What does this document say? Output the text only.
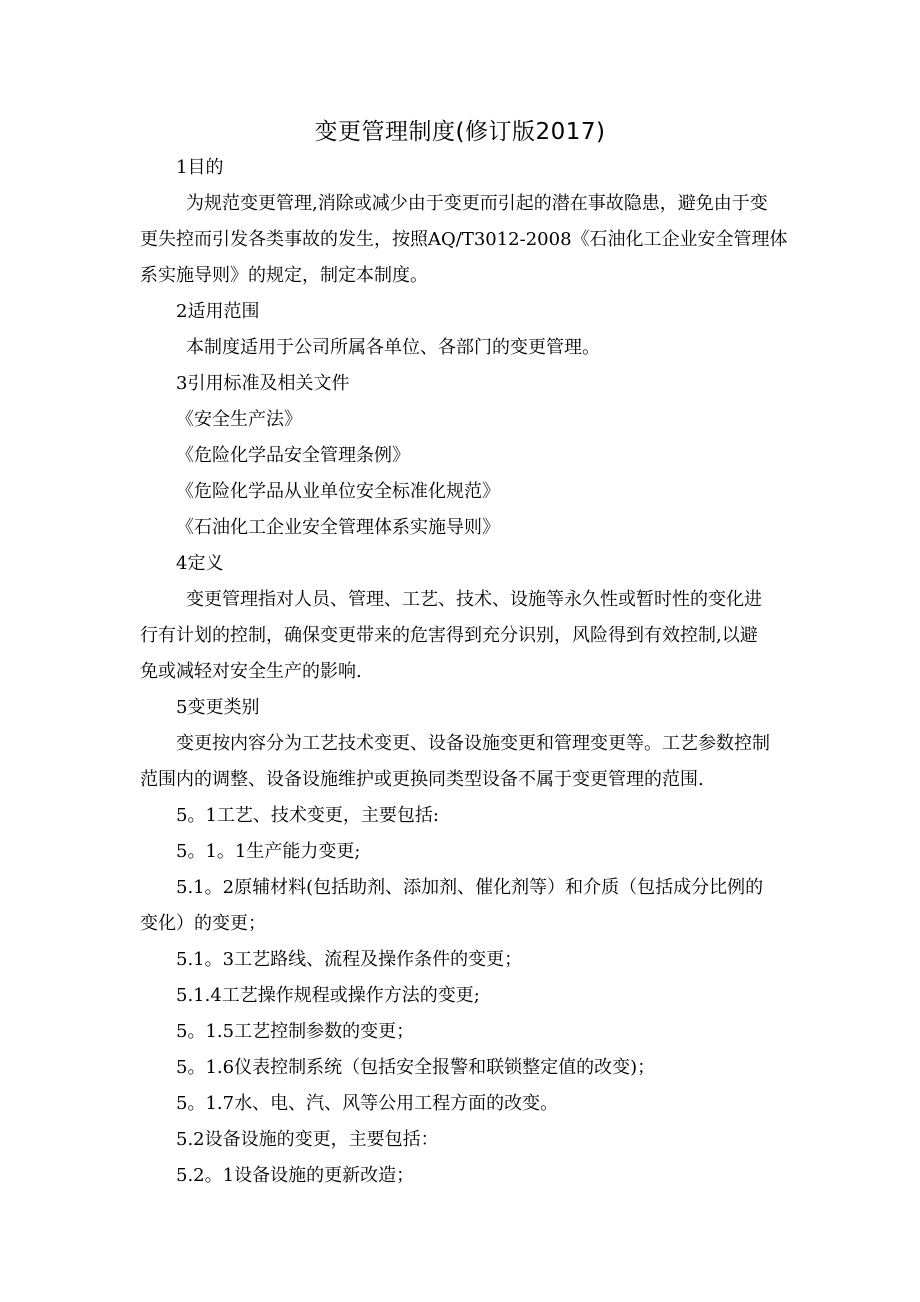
变更管理制度(修订版2017)
1目的
为规范变更管理,消除或减少由于变更而引起的潜在事故隐患，避免由于变
更失控而引发各类事故的发生，按照AQ/T3012-2008《石油化工企业安全管理体
系实施导则》的规定，制定本制度。
2适用范围
本制度适用于公司所属各单位、各部门的变更管理。
3引用标准及相关文件
《安全生产法》
《危险化学品安全管理条例》
《危险化学品从业单位安全标准化规范》
《石油化工企业安全管理体系实施导则》
4定义
变更管理指对人员、管理、工艺、技术、设施等永久性或暂时性的变化进
行有计划的控制，确保变更带来的危害得到充分识别，风险得到有效控制,以避
免或减轻对安全生产的影响.
5变更类别
变更按内容分为工艺技术变更、设备设施变更和管理变更等。工艺参数控制
范围内的调整、设备设施维护或更换同类型设备不属于变更管理的范围.
5。1工艺、技术变更，主要包括:
5。1。1生产能力变更;
5.1。2原辅材料(包括助剂、添加剂、催化剂等）和介质（包括成分比例的
变化）的变更；
5.1。3工艺路线、流程及操作条件的变更；
5.1.4工艺操作规程或操作方法的变更;
5。1.5工艺控制参数的变更；
5。1.6仪表控制系统（包括安全报警和联锁整定值的改变)；
5。1.7水、电、汽、风等公用工程方面的改变。
5.2设备设施的变更，主要包括：
5.2。1设备设施的更新改造；
